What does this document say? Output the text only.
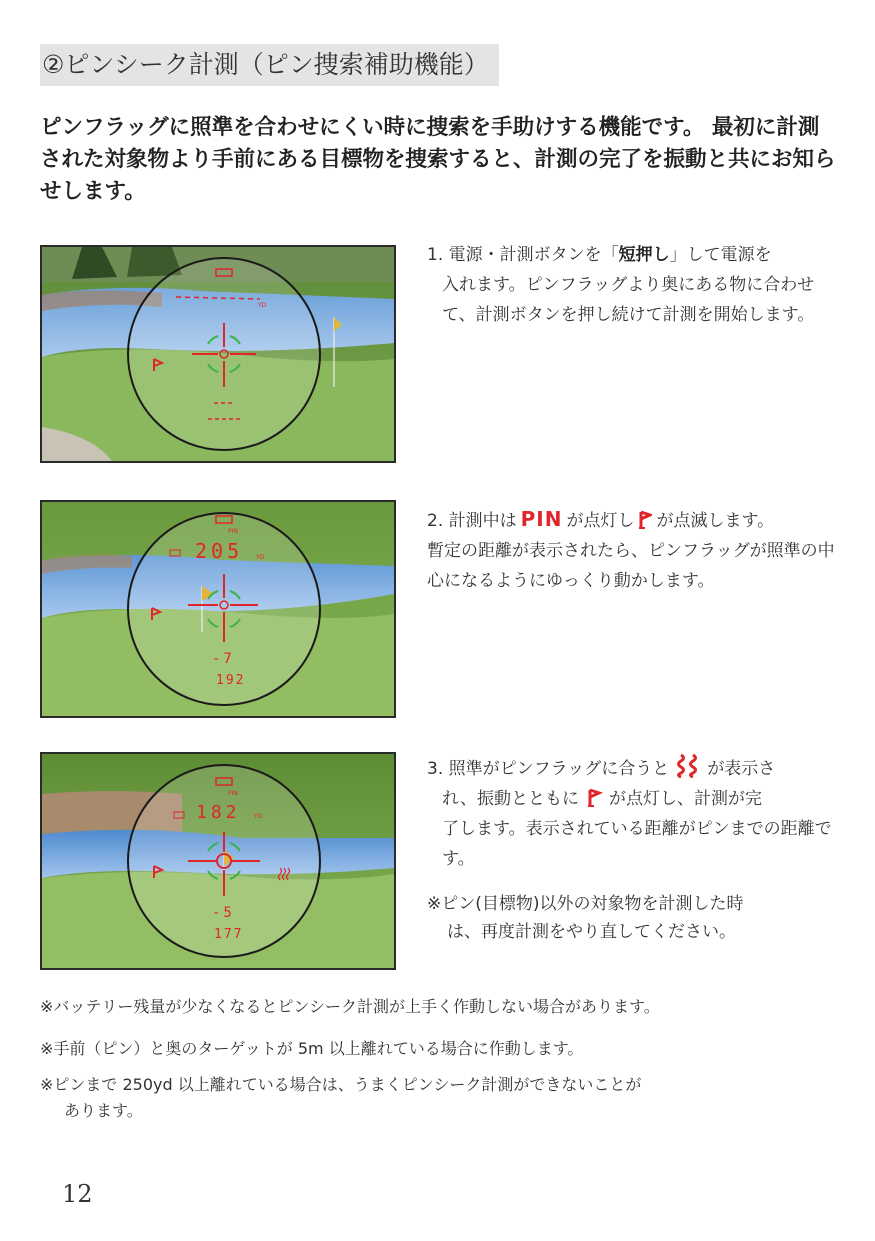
②ピンシーク計測（ピン捜索補助機能）

ピンフラッグに照準を合わせにくい時に捜索を手助けする機能です。 最初に計測された対象物より手前にある目標物を捜索すると、計測の完了を振動と共にお知らせします。

YD

1. 電源・計測ボタンを「短押し」して電源を

入れます。ピンフラッグより奥にある物に合わせて、計測ボタンを押し続けて計測を開始します。

PIN
205 YD
-7
192

2. 計測中は PIN が点灯し が点滅します。
暫定の距離が表示されたら、ピンフラッグが照準の中心になるようにゆっくり動かします。

PIN
182 YD
-5
177

3. 照準がピンフラッグに合うと が表示さ
れ、振動とともに が点灯し、計測が完

了します。表示されている距離がピンまでの距離です。

※ピン(目標物)以外の対象物を計測した時
は、再度計測をやり直してください。

※バッテリー残量が少なくなるとピンシーク計測が上手く作動しない場合があります。

※手前（ピン）と奥のターゲットが 5m 以上離れている場合に作動します。

※ピンまで 250yd 以上離れている場合は、うまくピンシーク計測ができないことが
あります。

12
